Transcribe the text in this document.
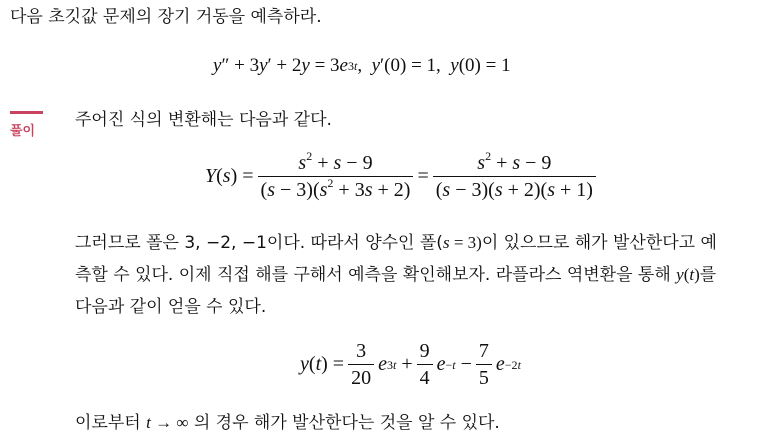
다음 초깃값 문제의 장기 거동을 예측하라.
y ″ + 3 y ′ + 2 y = 3 e 3t , y ′(0) = 1, y (0) = 1
풀이
주어진 식의 변환해는 다음과 같다.
Y ( s ) = $\frac{s^2 + s - 9}{(s - 3)(s^2 + 3s + 2)} = \frac{s^2 + s - 9}{(s - 3)(s + 2)(s + 1)}$
그러므로 폴은 3, −2, −1이다. 따라서 양수인 폴(s = 3)이 있으므로 해가 발산한다고 예
측할 수 있다. 이제 직접 해를 구해서 예측을 확인해보자. 라플라스 역변환을 통해 y(t)를
다음과 같이 얻을 수 있다.
y ( t ) = $\frac{3}{20}$ e $3t + \frac{9}{4}$ $e -t - \frac{7}{5}$ e −2t
이로부터 t → ∞ 의 경우 해가 발산한다는 것을 알 수 있다.
